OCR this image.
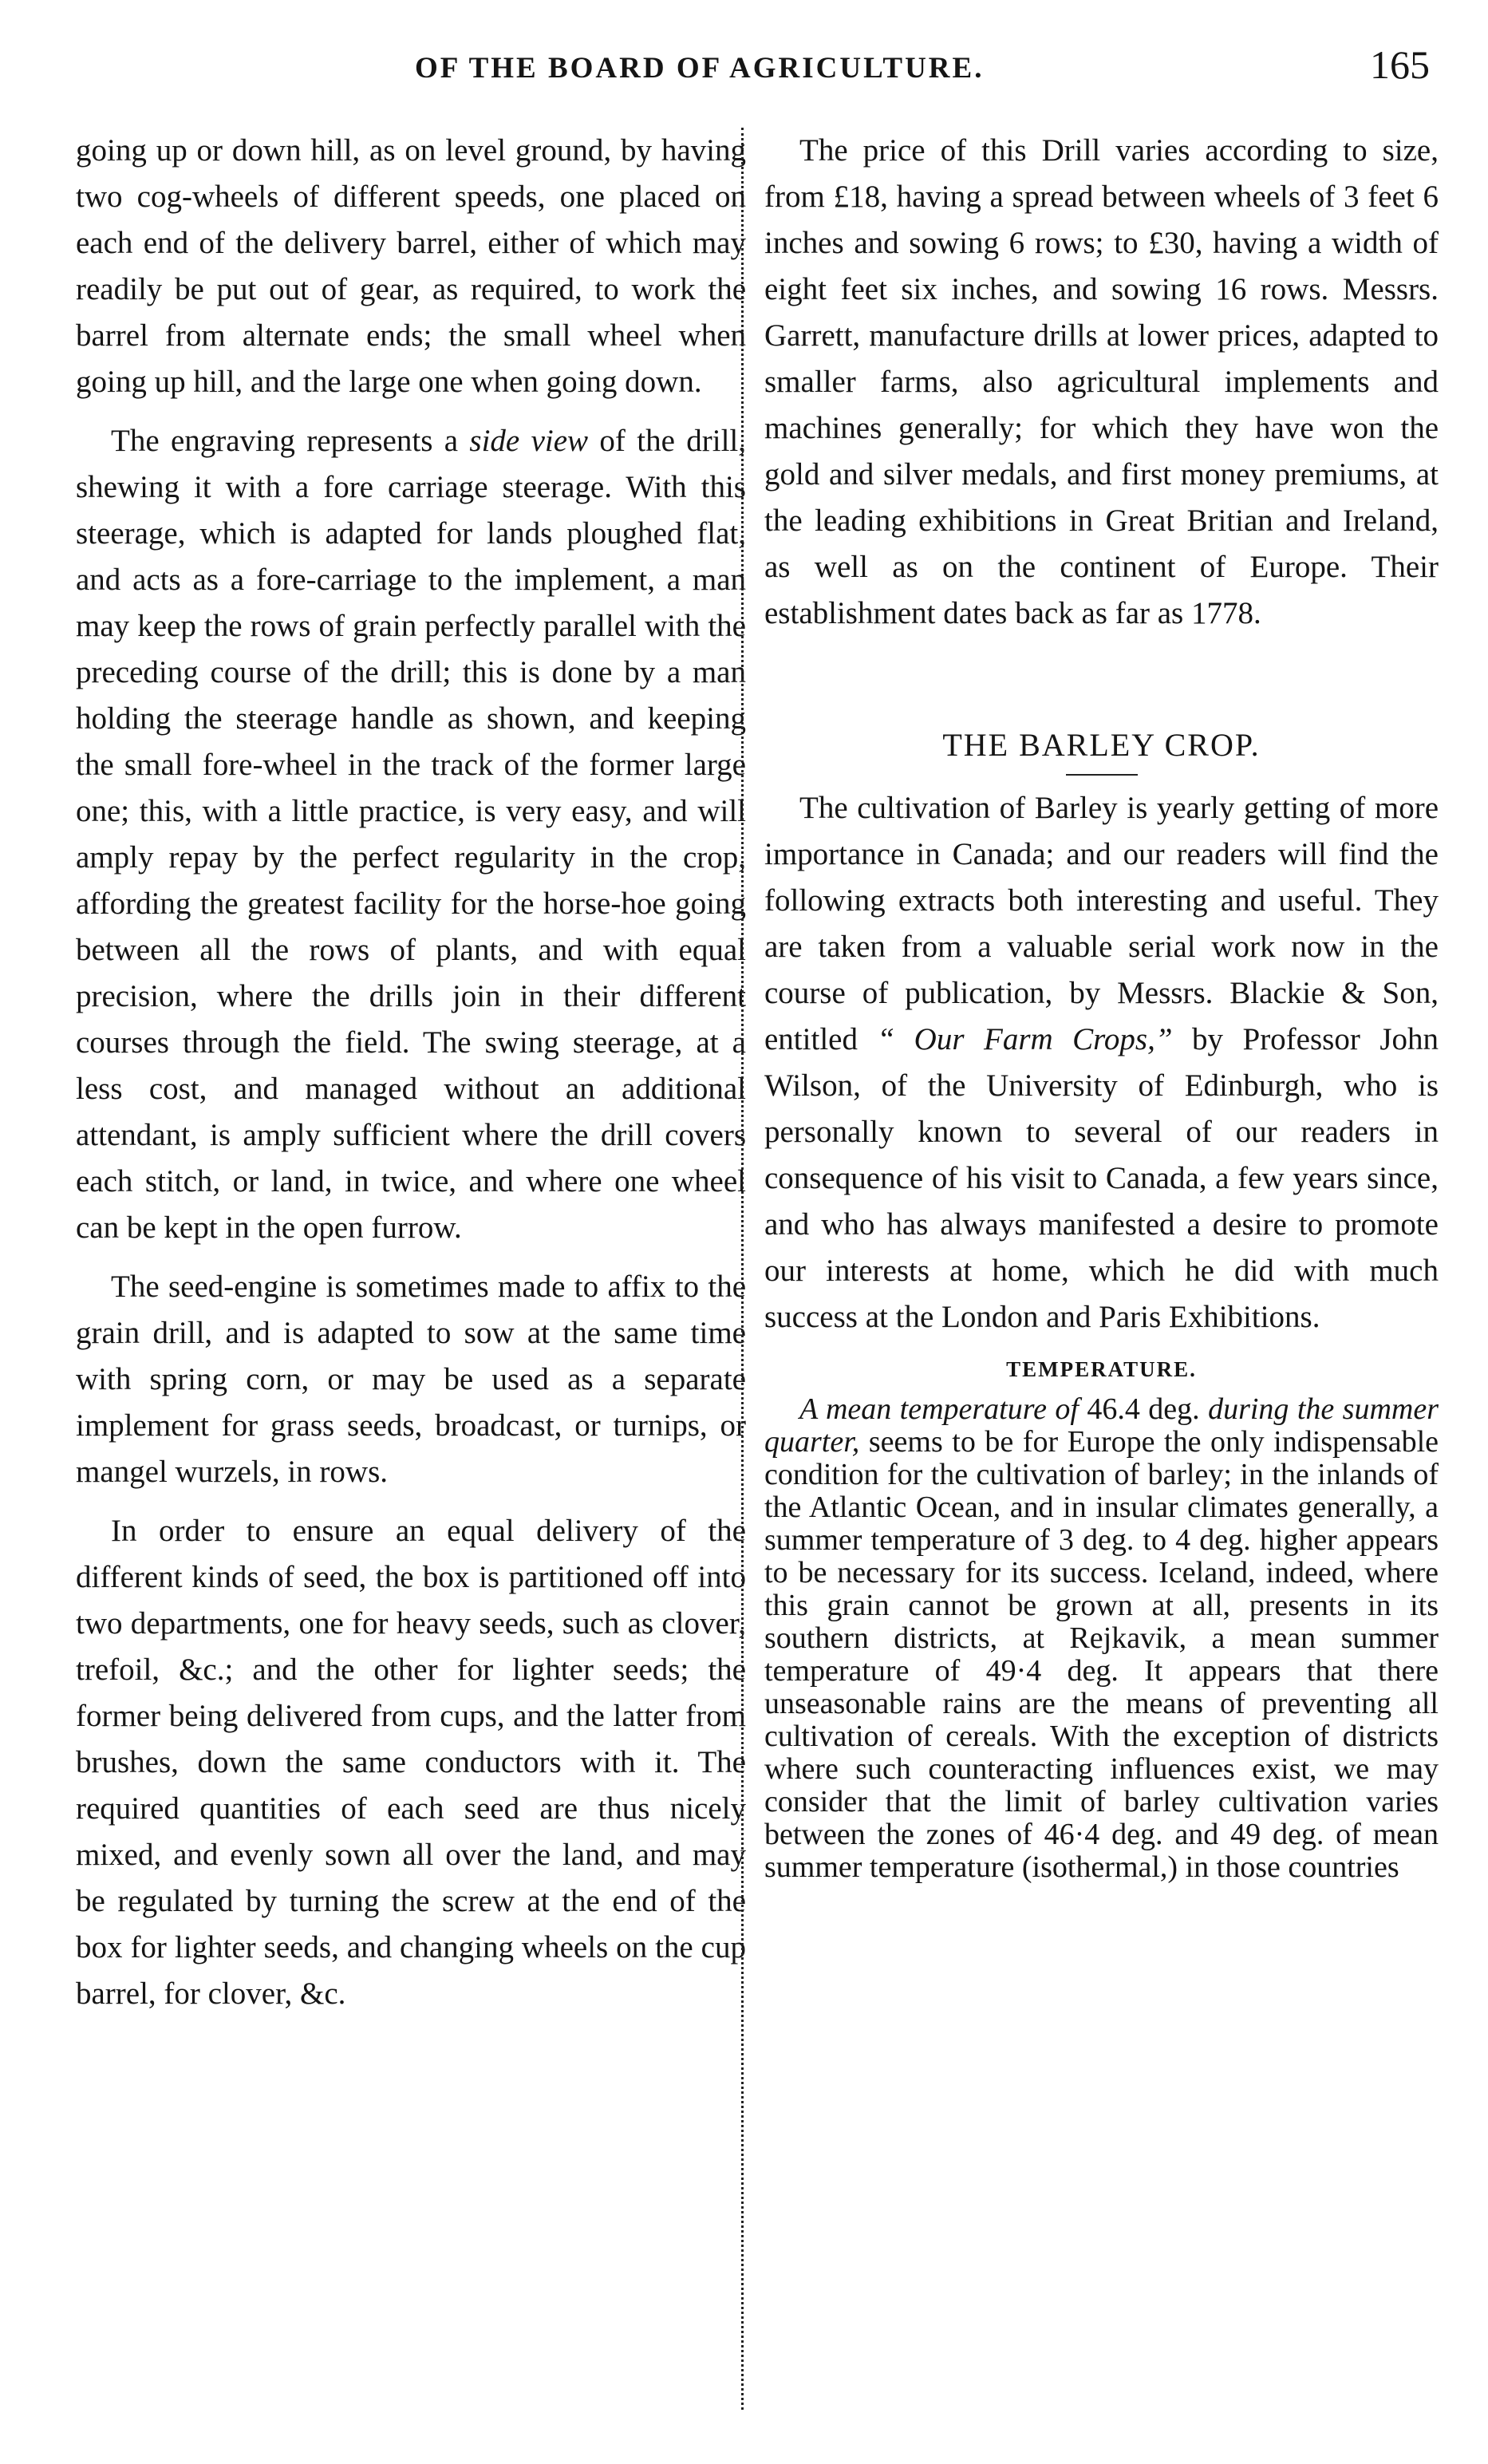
OF THE BOARD OF AGRICULTURE.	165

going up or down hill, as on level ground, by having two cog-wheels of different speeds, one placed on each end of the delivery barrel, either of which may readily be put out of gear, as required, to work the barrel from alternate ends; the small wheel when going up hill, and the large one when going down.

The engraving represents a side view of the drill, shewing it with a fore carriage steerage. With this steerage, which is adapted for lands ploughed flat, and acts as a fore-carriage to the implement, a man may keep the rows of grain perfectly parallel with the preceding course of the drill; this is done by a man holding the steerage handle as shown, and keeping the small fore-wheel in the track of the former large one; this, with a little practice, is very easy, and will amply repay by the perfect regularity in the crop, affording the greatest facility for the horse-hoe going between all the rows of plants, and with equal precision, where the drills join in their different courses through the field. The swing steerage, at a less cost, and managed without an additional attendant, is amply sufficient where the drill covers each stitch, or land, in twice, and where one wheel can be kept in the open furrow.

The seed-engine is sometimes made to affix to the grain drill, and is adapted to sow at the same time with spring corn, or may be used as a separate implement for grass seeds, broadcast, or turnips, or mangel wurzels, in rows.

In order to ensure an equal delivery of the different kinds of seed, the box is partitioned off into two departments, one for heavy seeds, such as clover, trefoil, &c.; and the other for lighter seeds; the former being delivered from cups, and the latter from brushes, down the same conductors with it. The required quantities of each seed are thus nicely mixed, and evenly sown all over the land, and may be regulated by turning the screw at the end of the box for lighter seeds, and changing wheels on the cup barrel, for clover, &c.

The price of this Drill varies according to size, from £18, having a spread between wheels of 3 feet 6 inches and sowing 6 rows; to £30, having a width of eight feet six inches, and sowing 16 rows. Messrs. Garrett, manufacture drills at lower prices, adapted to smaller farms, also agricultural implements and machines generally; for which they have won the gold and silver medals, and first money premiums, at the leading exhibitions in Great Britian and Ireland, as well as on the continent of Europe. Their establishment dates back as far as 1778.

THE BARLEY CROP.

The cultivation of Barley is yearly getting of more importance in Canada; and our readers will find the following extracts both interesting and useful. They are taken from a valuable serial work now in the course of publication, by Messrs. Blackie & Son, entitled “ Our Farm Crops,” by Professor John Wilson, of the University of Edinburgh, who is personally known to several of our readers in consequence of his visit to Canada, a few years since, and who has always manifested a desire to promote our interests at home, which he did with much success at the London and Paris Exhibitions.

TEMPERATURE.

A mean temperature of 46.4 deg. during the summer quarter, seems to be for Europe the only indispensable condition for the cultivation of barley; in the inlands of the Atlantic Ocean, and in insular climates generally, a summer temperature of 3 deg. to 4 deg. higher appears to be necessary for its success. Iceland, indeed, where this grain cannot be grown at all, presents in its southern districts, at Rejkavik, a mean summer temperature of 49·4 deg. It appears that there unseasonable rains are the means of preventing all cultivation of cereals. With the exception of districts where such counteracting influences exist, we may consider that the limit of barley cultivation varies between the zones of 46·4 deg. and 49 deg. of mean summer temperature (isothermal,) in those countries
